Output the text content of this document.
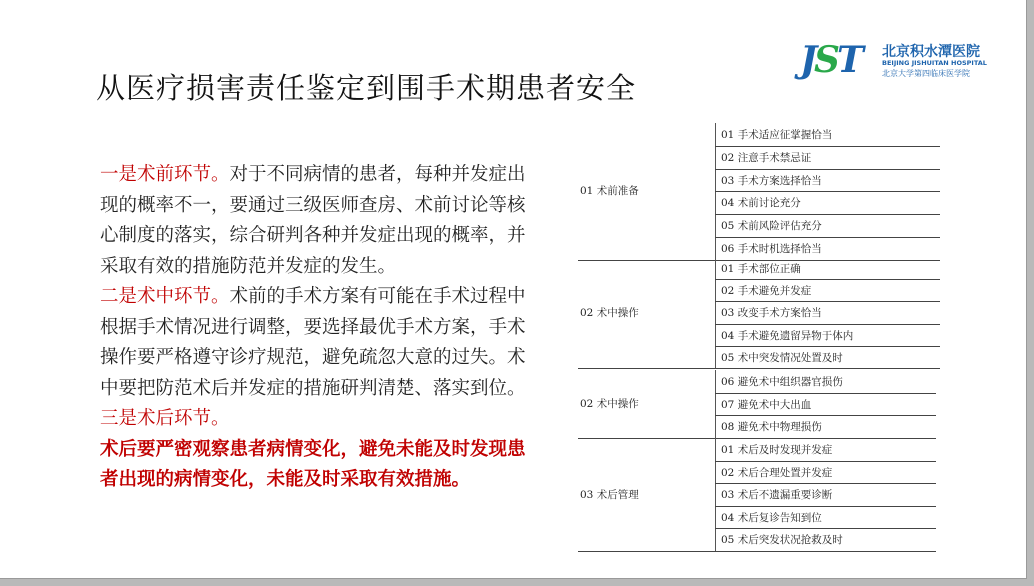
从医疗损害责任鉴定到围手术期患者安全
JST 北京积水潭医院
BEIJING JISHUITAN HOSPITAL
北京大学第四临床医学院

一是术前环节。对于不同病情的患者，每种并发症出现的概率不一，要通过三级医师查房、术前讨论等核心制度的落实，综合研判各种并发症出现的概率，并采取有效的措施防范并发症的发生。

二是术中环节。术前的手术方案有可能在手术过程中根据手术情况进行调整，要选择最优手术方案，手术操作要严格遵守诊疗规范，避免疏忽大意的过失。术中要把防范术后并发症的措施研判清楚、落实到位。

三是术后环节。

术后要严密观察患者病情变化，避免未能及时发现患者出现的病情变化，未能及时采取有效措施。

01 术前准备
01 手术适应征掌握恰当
02 注意手术禁忌证
03 手术方案选择恰当
04 术前讨论充分
05 术前风险评估充分
06 手术时机选择恰当
02 术中操作
01 手术部位正确
02 手术避免并发症
03 改变手术方案恰当
04 手术避免遗留异物于体内
05 术中突发情况处置及时
02 术中操作
06 避免术中组织器官损伤
07 避免术中大出血
08 避免术中物理损伤
03 术后管理
01 术后及时发现并发症
02 术后合理处置并发症
03 术后不遗漏重要诊断
04 术后复诊告知到位
05 术后突发状况抢救及时
